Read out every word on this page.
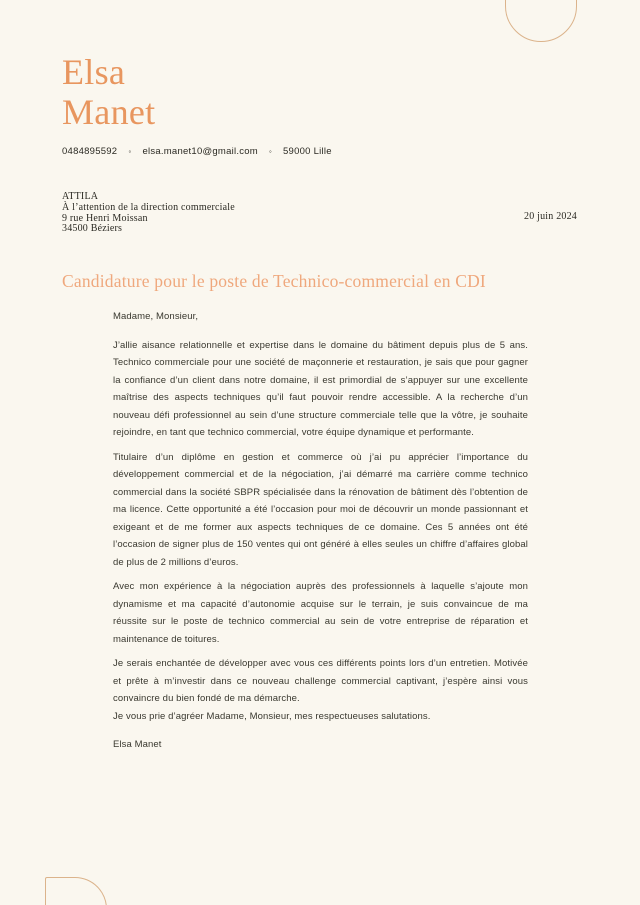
Elsa
Manet
0484895592 ◦ elsa.manet10@gmail.com ◦ 59000 Lille
ATTILA
À l’attention de la direction commerciale
9 rue Henri Moissan
34500 Béziers
20 juin 2024
Candidature pour le poste de Technico-commercial en CDI

Madame, Monsieur,

J’allie aisance relationnelle et expertise dans le domaine du bâtiment depuis plus de 5 ans. Technico commerciale pour une société de maçonnerie et restauration, je sais que pour gagner la confiance d’un client dans notre domaine, il est primordial de s’appuyer sur une excellente maîtrise des aspects techniques qu’il faut pouvoir rendre accessible. A la recherche d’un nouveau défi professionnel au sein d’une structure commerciale telle que la vôtre, je souhaite rejoindre, en tant que technico commercial, votre équipe dynamique et performante.

Titulaire d’un diplôme en gestion et commerce où j’ai pu apprécier l’importance du développement commercial et de la négociation, j’ai démarré ma carrière comme technico commercial dans la société SBPR spécialisée dans la rénovation de bâtiment dès l’obtention de ma licence. Cette opportunité a été l’occasion pour moi de découvrir un monde passionnant et exigeant et de me former aux aspects techniques de ce domaine. Ces 5 années ont été l’occasion de signer plus de 150 ventes qui ont généré à elles seules un chiffre d’affaires global de plus de 2 millions d’euros.

Avec mon expérience à la négociation auprès des professionnels à laquelle s’ajoute mon dynamisme et ma capacité d’autonomie acquise sur le terrain, je suis convaincue de ma réussite sur le poste de technico commercial au sein de votre entreprise de réparation et maintenance de toitures.

Je serais enchantée de développer avec vous ces différents points lors d’un entretien. Motivée et prête à m’investir dans ce nouveau challenge commercial captivant, j’espère ainsi vous convaincre du bien fondé de ma démarche.

Je vous prie d’agréer Madame, Monsieur, mes respectueuses salutations.

Elsa Manet
